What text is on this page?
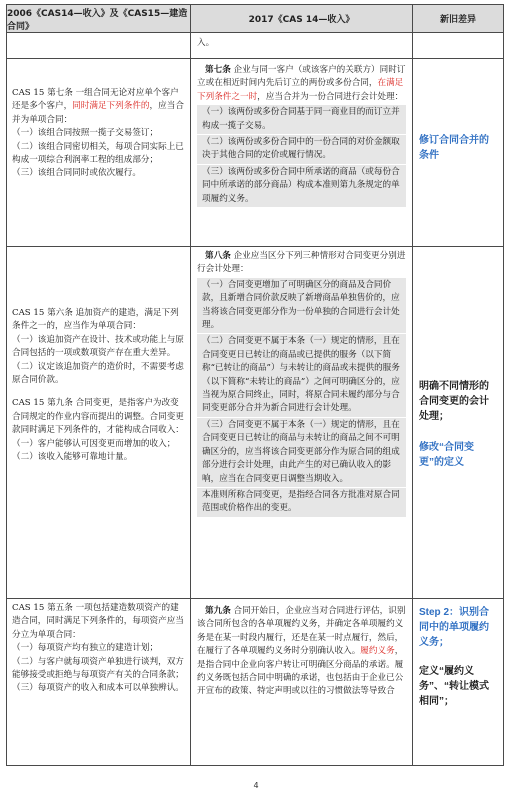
2006《CAS14—收入》及《CAS15—建造合同》
2017《CAS 14—收入》	新旧差异

入。

CAS 15 第七条 一组合同无论对应单个客户还是多个客户，同时满足下列条件的，应当合并为单项合同：

（一）该组合同按照一揽子交易签订；

（二）该组合同密切相关，每项合同实际上已构成一项综合利润率工程的组成部分；

（三）该组合同同时或依次履行。

第七条 企业与同一客户（或该客户的关联方）同时订立或在相近时间内先后订立的两份或多份合同，在满足下列条件之一时，应当合并为一份合同进行会计处理：

（一）该两份或多份合同基于同一商业目的而订立并构成一揽子交易。

（二）该两份或多份合同中的一份合同的对价金额取决于其他合同的定价或履行情况。

（三）该两份或多份合同中所承诺的商品（或每份合同中所承诺的部分商品）构成本准则第九条规定的单项履约义务。

修订合同合并的条件

CAS 15 第六条 追加资产的建造，满足下列条件之一的，应当作为单项合同：

（一）该追加资产在设计、技术或功能上与原合同包括的一项或数项资产存在重大差异。

（二）议定该追加资产的造价时，不需要考虑原合同价款。

CAS 15 第九条 合同变更，是指客户为改变合同规定的作业内容而提出的调整。合同变更款同时满足下列条件的，才能构成合同收入：

（一）客户能够认可因变更而增加的收入；

（二）该收入能够可靠地计量。

第八条 企业应当区分下列三种情形对合同变更分别进行会计处理：

（一）合同变更增加了可明确区分的商品及合同价款，且新增合同价款反映了新增商品单独售价的，应当将该合同变更部分作为一份单独的合同进行会计处理。

（二）合同变更不属于本条（一）规定的情形，且在合同变更日已转让的商品或已提供的服务（以下简称“已转让的商品”）与未转让的商品或未提供的服务（以下简称“未转让的商品”）之间可明确区分的，应当视为原合同终止，同时，将原合同未履约部分与合同变更部分合并为新合同进行会计处理。

（三）合同变更不属于本条（一）规定的情形，且在合同变更日已转让的商品与未转让的商品之间不可明确区分的，应当将该合同变更部分作为原合同的组成部分进行会计处理，由此产生的对已确认收入的影响，应当在合同变更日调整当期收入。

本准则所称合同变更，是指经合同各方批准对原合同范围或价格作出的变更。

明确不同情形的合同变更的会计处理；
修改“合同变更”的定义

CAS 15 第五条 一项包括建造数项资产的建造合同，同时满足下列条件的，每项资产应当分立为单项合同：

（一）每项资产均有独立的建造计划；

（二）与客户就每项资产单独进行谈判，双方能够接受或拒绝与每项资产有关的合同条款；

（三）每项资产的收入和成本可以单独辨认。

第九条 合同开始日，企业应当对合同进行评估，识别该合同所包含的各单项履约义务，并确定各单项履约义务是在某一时段内履行，还是在某一时点履行，然后，在履行了各单项履约义务时分别确认收入。履约义务，是指合同中企业向客户转让可明确区分商品的承诺。履约义务既包括合同中明确的承诺，也包括由于企业已公开宣布的政策、特定声明或以往的习惯做法等导致合

Step 2：识别合同中的单项履约义务；
定义“履约义务”、“转让模式相同”；
4
